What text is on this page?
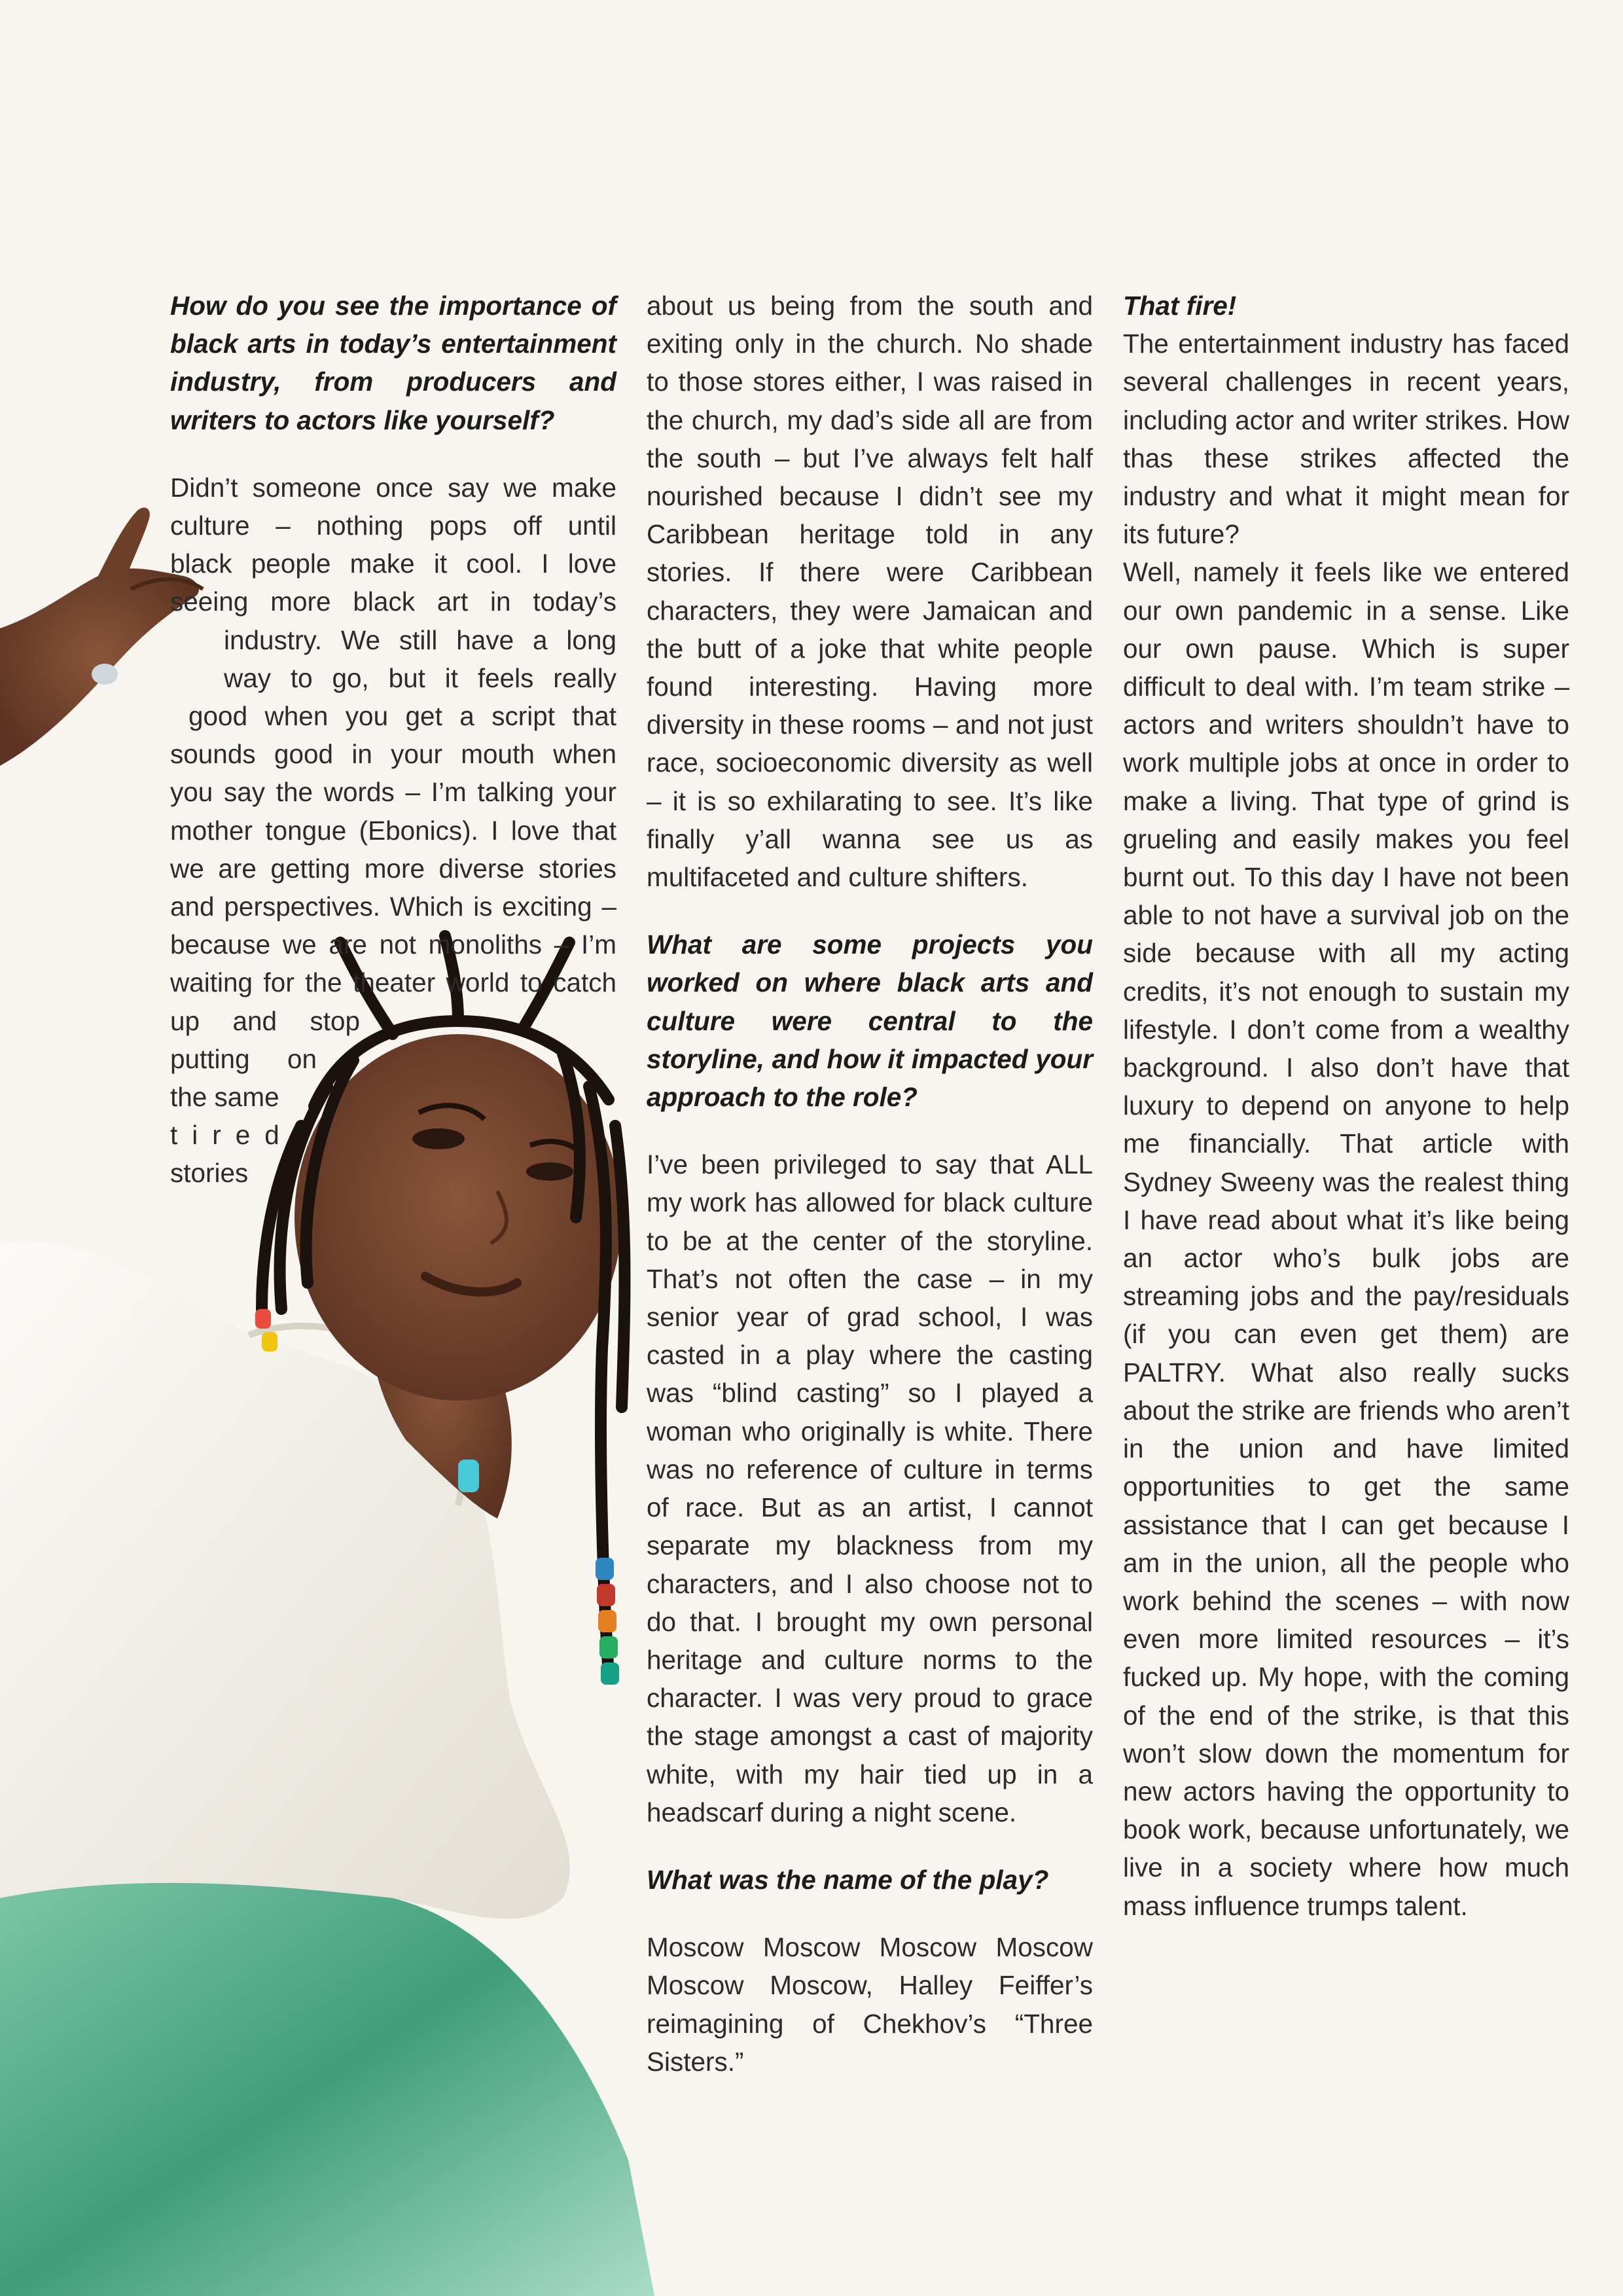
How do you see the importance of black arts in today’s entertainment industry, from producers and writers to actors like yourself?

Didn’t someone once say we make
culture – nothing pops off until
black people make it cool. I love
seeing more black art in today’s
industry. We still have a long
way to go, but it feels really
good when you get a script that
sounds good in your mouth when
you say the words – I’m talking your
mother tongue (Ebonics). I love that
we are getting more diverse stories
and perspectives. Which is exciting –
because we are not monoliths – I’m
waiting for the theater world to catch
up and stop
putting on
the same
tired
stories

about us being from the south and exiting only in the church. No shade to those stores either, I was raised in the church, my dad’s side all are from the south – but I’ve always felt half nourished because I didn’t see my Caribbean heritage told in any stories. If there were Caribbean characters, they were Jamaican and the butt of a joke that white people found interesting. Having more diversity in these rooms – and not just race, socioeconomic diversity as well – it is so exhilarating to see. It’s like finally y’all wanna see us as multifaceted and culture shifters.

What are some projects you worked on where black arts and culture were central to the storyline, and how it impacted your approach to the role?

I’ve been privileged to say that ALL my work has allowed for black culture to be at the center of the storyline. That’s not often the case – in my senior year of grad school, I was casted in a play where the casting was “blind casting” so I played a woman who originally is white. There was no reference of culture in terms of race. But as an artist, I cannot separate my blackness from my characters, and I also choose not to do that. I brought my own personal heritage and culture norms to the character. I was very proud to grace the stage amongst a cast of majority white, with my hair tied up in a headscarf during a night scene.

What was the name of the play?

Moscow Moscow Moscow Moscow Moscow Moscow, Halley Feiffer’s reimagining of Chekhov’s “Three Sisters.”

That fire!

The entertainment industry has faced several challenges in recent years, including actor and writer strikes. How thas these strikes affected the industry and what it might mean for its future?

Well, namely it feels like we entered our own pandemic in a sense. Like our own pause. Which is super difficult to deal with. I’m team strike – actors and writers shouldn’t have to work multiple jobs at once in order to make a living. That type of grind is grueling and easily makes you feel burnt out. To this day I have not been able to not have a survival job on the side because with all my acting credits, it’s not enough to sustain my lifestyle. I don’t come from a wealthy background. I also don’t have that luxury to depend on anyone to help me financially. That article with Sydney Sweeny was the realest thing I have read about what it’s like being an actor who’s bulk jobs are streaming jobs and the pay/residuals (if you can even get them) are PALTRY. What also really sucks about the strike are friends who aren’t in the union and have limited opportunities to get the same assistance that I can get because I am in the union, all the people who work behind the scenes – with now even more limited resources – it’s fucked up. My hope, with the coming of the end of the strike, is that this won’t slow down the momentum for new actors having the opportunity to book work, because unfortunately, we live in a society where how much mass influence trumps talent.
